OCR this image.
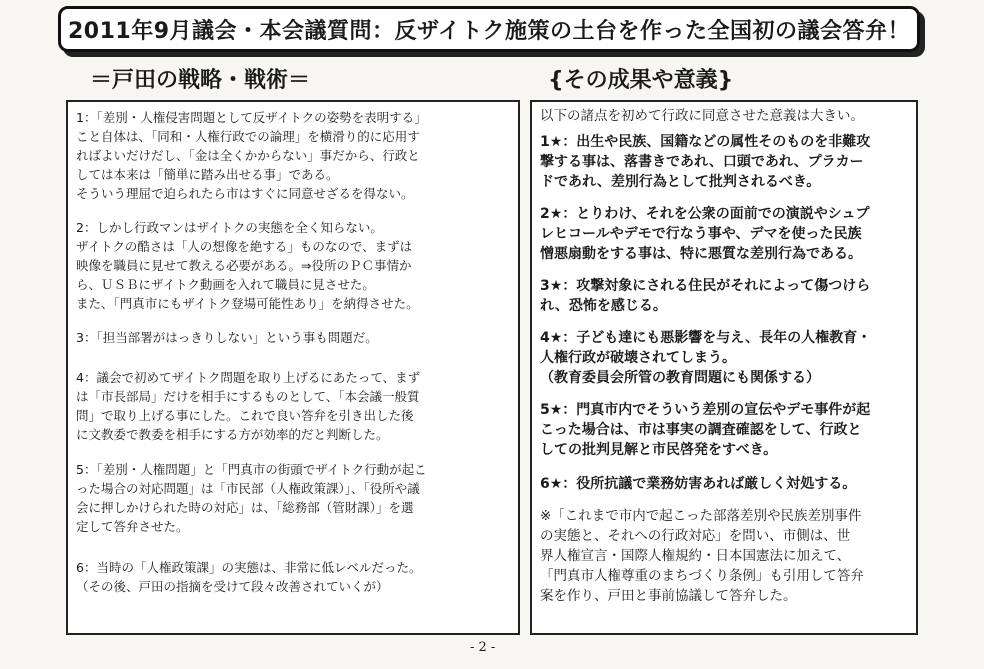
2011年9月議会・本会議質問：反ザイトク施策の土台を作った全国初の議会答弁！
＝戸田の戦略・戦術＝	{その成果や意義}
1：「差別・人権侵害問題として反ザイトクの姿勢を表明する」
こと自体は、「同和・人権行政での論理」を横滑り的に応用す
ればよいだけだし、「金は全くかからない」事だから、行政と
しては本来は「簡単に踏み出せる事」である。
そういう理屈で迫られたら市はすぐに同意せざるを得ない。
2：しかし行政マンはザイトクの実態を全く知らない。
ザイトクの酷さは「人の想像を絶する」ものなので、まずは
映像を職員に見せて教える必要がある。⇒役所のＰＣ事情か
ら、ＵＳＢにザイトク動画を入れて職員に見させた。
また、「門真市にもザイトク登場可能性あり」を納得させた。
3：「担当部署がはっきりしない」という事も問題だ。
4：議会で初めてザイトク問題を取り上げるにあたって、まず
は「市長部局」だけを相手にするものとして、「本会議一般質
問」で取り上げる事にした。これで良い答弁を引き出した後
に文教委で教委を相手にする方が効率的だと判断した。
5：「差別・人権問題」と「門真市の街頭でザイトク行動が起こ
った場合の対応問題」は「市民部（人権政策課）」、「役所や議
会に押しかけられた時の対応」は、「総務部（管財課）」を選
定して答弁させた。
6：当時の「人権政策課」の実態は、非常に低レベルだった。
（その後、戸田の指摘を受けて段々改善されていくが）
以下の諸点を初めて行政に同意させた意義は大きい。
1★：出生や民族、国籍などの属性そのものを非難攻
撃する事は、落書きであれ、口頭であれ、プラカー
ドであれ、差別行為として批判されるべき。
2★：とりわけ、それを公衆の面前での演説やシュプ
レヒコールやデモで行なう事や、デマを使った民族
憎悪扇動をする事は、特に悪質な差別行為である。
3★：攻撃対象にされる住民がそれによって傷つけら
れ、恐怖を感じる。
4★：子ども達にも悪影響を与え、長年の人権教育・
人権行政が破壊されてしまう。
（教育委員会所管の教育問題にも関係する）
5★：門真市内でそういう差別の宣伝やデモ事件が起
こった場合は、市は事実の調査確認をして、行政と
しての批判見解と市民啓発をすべき。
6★：役所抗議で業務妨害あれば厳しく対処する。
※「これまで市内で起こった部落差別や民族差別事件
の実態と、それへの行政対応」を問い、市側は、世
界人権宣言・国際人権規約・日本国憲法に加えて、
「門真市人権尊重のまちづくり条例」も引用して答弁
案を作り、戸田と事前協議して答弁した。
- 2 -
